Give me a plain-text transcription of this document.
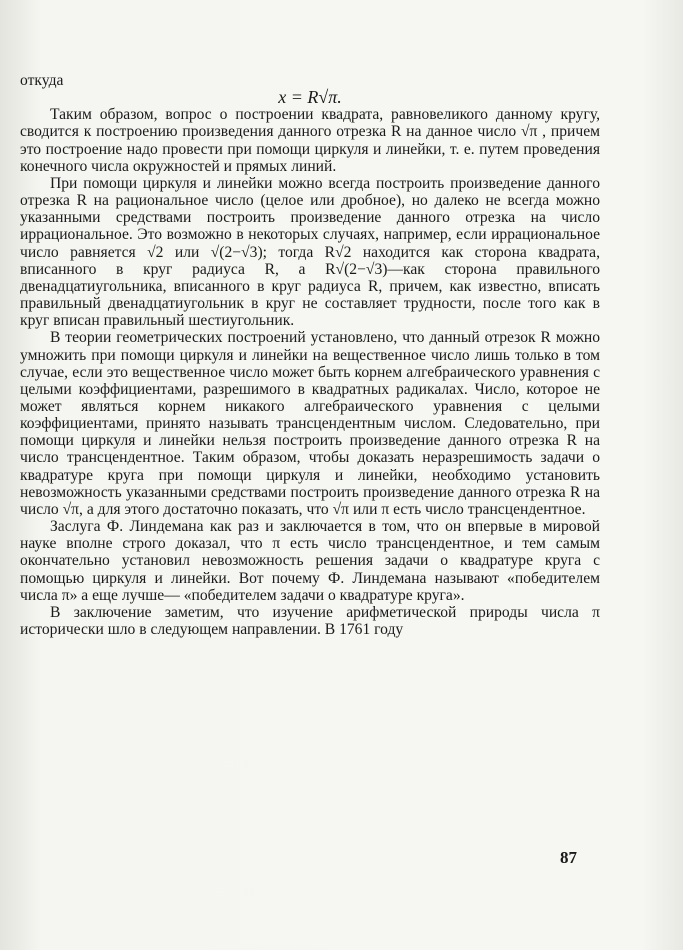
откуда

x = R√π.

Таким образом, вопрос о построении квадрата, равновеликого данному кругу, сводится к построению произведения данного отрезка R на данное число √π , причем это построение надо провести при помощи циркуля и линейки, т. е. путем проведения конечного числа окружностей и прямых линий.

При помощи циркуля и линейки можно всегда построить произведение данного отрезка R на рациональное число (целое или дробное), но далеко не всегда можно указанными средствами построить произведение данного отрезка на число иррациональное. Это возможно в некоторых случаях, например, если иррациональное число равняется √2 или √(2−√3); тогда R√2 находится как сторона квадрата, вписанного в круг радиуса R, а R√(2−√3)—как сторона правильного двенадцатиугольника, вписанного в круг радиуса R, причем, как известно, вписать правильный двенадцатиугольник в круг не составляет трудности, после того как в круг вписан правильный шестиугольник.

В теории геометрических построений установлено, что данный отрезок R можно умножить при помощи циркуля и линейки на вещественное число лишь только в том случае, если это вещественное число может быть корнем алгебраического уравнения с целыми коэффициентами, разрешимого в квадратных радикалах. Число, которое не может являться корнем никакого алгебраического уравнения с целыми коэффициентами, принято называть трансцендентным числом. Следовательно, при помощи циркуля и линейки нельзя построить произведение данного отрезка R на число трансцендентное. Таким образом, чтобы доказать неразрешимость задачи о квадратуре круга при помощи циркуля и линейки, необходимо установить невозможность указанными средствами построить произведение данного отрезка R на число √π, а для этого достаточно показать, что √π или π есть число трансцендентное.

Заслуга Ф. Линдемана как раз и заключается в том, что он впервые в мировой науке вполне строго доказал, что π есть число трансцендентное, и тем самым окончательно установил невозможность решения задачи о квадратуре круга с помощью циркуля и линейки. Вот почему Ф. Линдемана называют «победителем числа π» а еще лучше— «победителем задачи о квадратуре круга».

В заключение заметим, что изучение арифметической природы числа π исторически шло в следующем направлении. В 1761 году

87
